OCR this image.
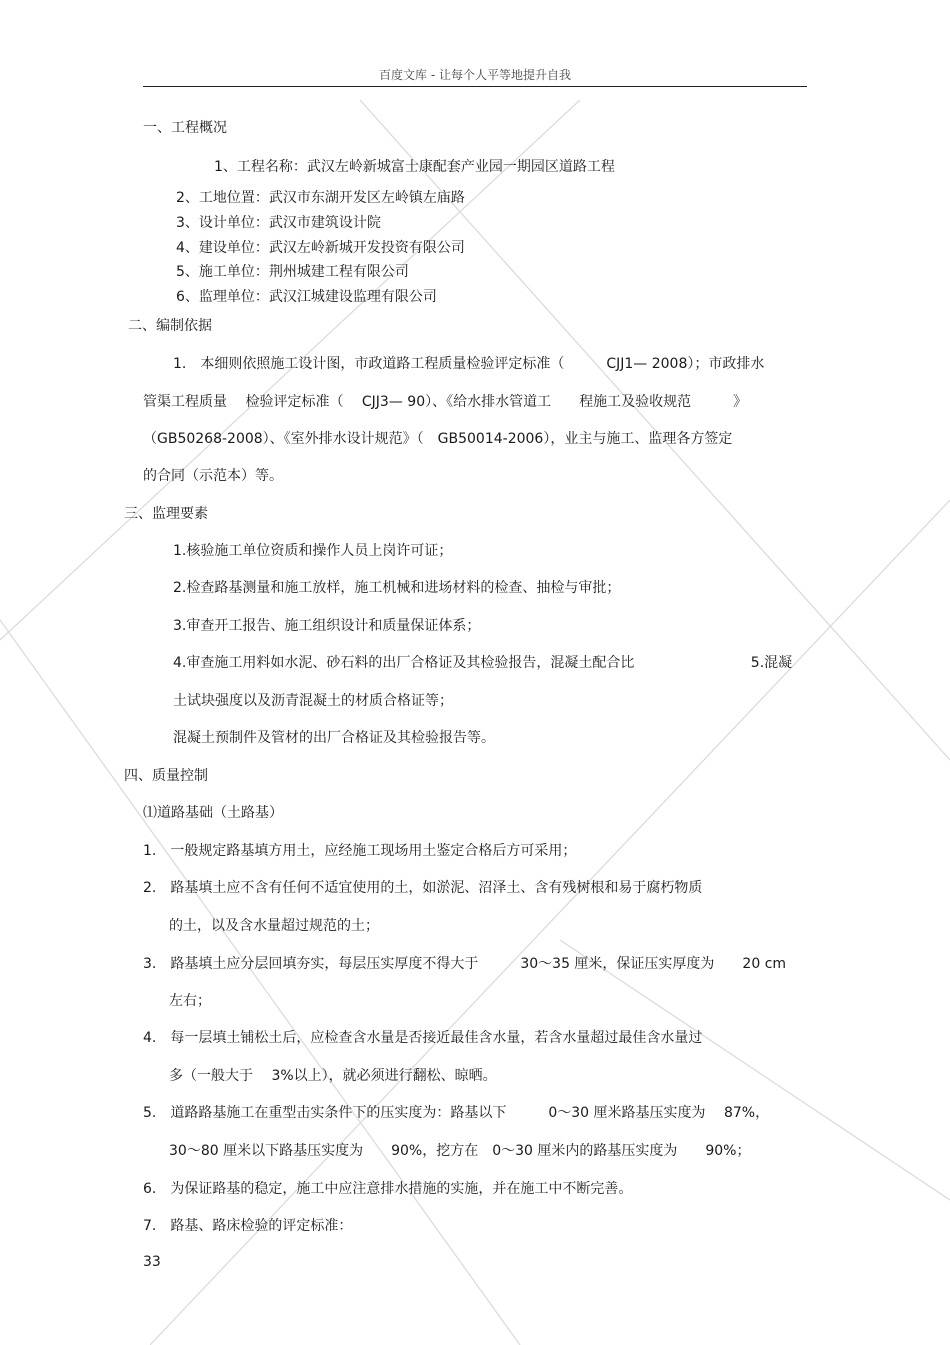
百度文库 - 让每个人平等地提升自我
一、工程概况
1、工程名称：武汉左岭新城富士康配套产业园一期园区道路工程
2、工地位置：武汉市东湖开发区左岭镇左庙路
3、设计单位：武汉市建筑设计院
4、建设单位：武汉左岭新城开发投资有限公司
5、施工单位：荆州城建工程有限公司
6、监理单位：武汉江城建设监理有限公司
二、编制依据
1.　本细则依照施工设计图，市政道路工程质量检验评定标准（　　　CJJ1— 2008）；市政排水
管渠工程质量　 检验评定标准（　 CJJ3— 90）、《给水排水管道工　　程施工及验收规范　　　》
（GB50268-2008）、《室外排水设计规范》（　GB50014-2006），业主与施工、监理各方签定
的合同（示范本）等。
三、监理要素
1.核验施工单位资质和操作人员上岗许可证；
2.检查路基测量和施工放样，施工机械和进场材料的检查、抽检与审批；
3.审查开工报告、施工组织设计和质量保证体系；
4.审查施工用料如水泥、砂石料的出厂合格证及其检验报告，混凝土配合比　　　　　　　　 5.混凝
土试块强度以及沥青混凝土的材质合格证等；
混凝土预制件及管材的出厂合格证及其检验报告等。
四、质量控制
⑴道路基础（土路基）
1.　一般规定路基填方用土，应经施工现场用土鉴定合格后方可采用；
2.　路基填土应不含有任何不适宜使用的土，如淤泥、沼泽土、含有残树根和易于腐朽物质
的土，以及含水量超过规范的土；
3.　路基填土应分层回填夯实，每层压实厚度不得大于　　　30～35 厘米，保证压实厚度为　　20 cm
左右；
4.　每一层填土铺松土后，应检查含水量是否接近最佳含水量，若含水量超过最佳含水量过
多（一般大于　 3%以上），就必须进行翻松、晾晒。
5.　道路路基施工在重型击实条件下的压实度为：路基以下　　　0～30 厘米路基压实度为　 87%，
30～80 厘米以下路基压实度为　　90%，挖方在　0～30 厘米内的路基压实度为　　90%；
6.　为保证路基的稳定，施工中应注意排水措施的实施，并在施工中不断完善。
7.　路基、路床检验的评定标准：
33
